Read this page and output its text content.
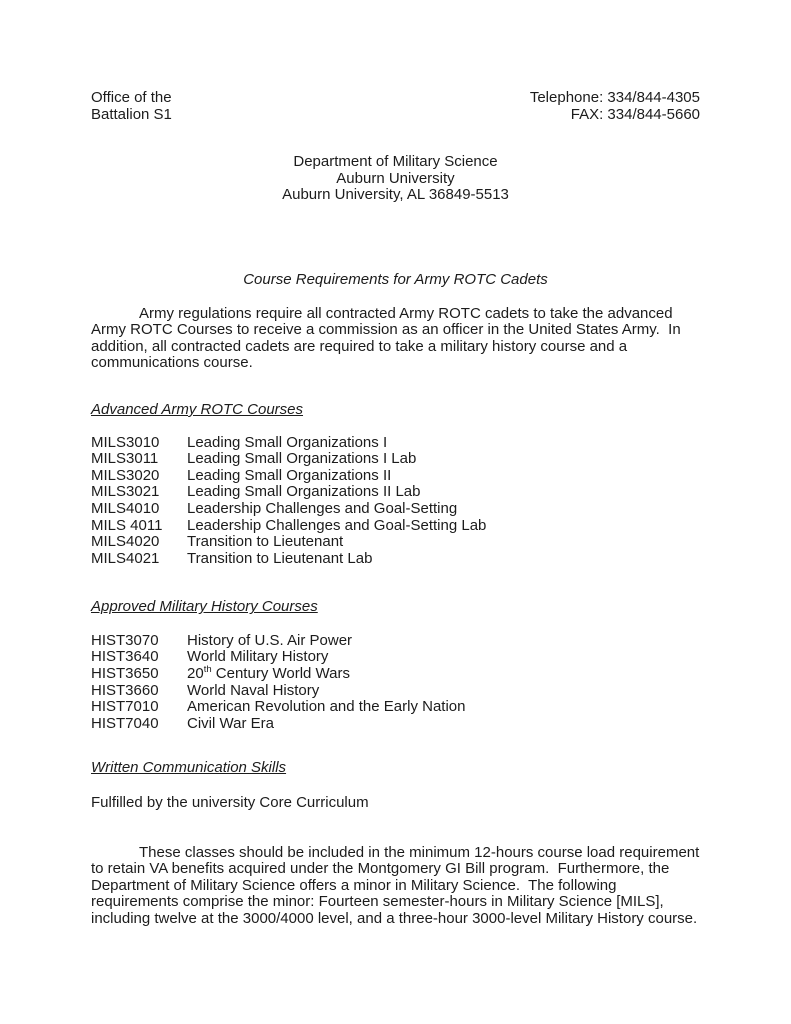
Office of the
Battalion S1
Telephone: 334/844-4305
FAX: 334/844-5660
Department of Military Science
Auburn University
Auburn University, AL 36849-5513
Course Requirements for Army ROTC Cadets

Army regulations require all contracted Army ROTC cadets to take the advanced Army ROTC Courses to receive a commission as an officer in the United States Army.  In addition, all contracted cadets are required to take a military history course and a communications course.

Advanced Army ROTC Courses
MILS3010	Leading Small Organizations I
MILS3011	Leading Small Organizations I Lab
MILS3020	Leading Small Organizations II
MILS3021	Leading Small Organizations II Lab
MILS4010	Leadership Challenges and Goal-Setting
MILS 4011	Leadership Challenges and Goal-Setting Lab
MILS4020	Transition to Lieutenant
MILS4021	Transition to Lieutenant Lab
Approved Military History Courses
HIST3070	History of U.S. Air Power
HIST3640	World Military History
HIST3650	20th Century World Wars
HIST3660	World Naval History
HIST7010	American Revolution and the Early Nation
HIST7040	Civil War Era
Written Communication Skills
Fulfilled by the university Core Curriculum

These classes should be included in the minimum 12-hours course load requirement to retain VA benefits acquired under the Montgomery GI Bill program.  Furthermore, the Department of Military Science offers a minor in Military Science.  The following requirements comprise the minor: Fourteen semester-hours in Military Science [MILS], including twelve at the 3000/4000 level, and a three-hour 3000-level Military History course.
